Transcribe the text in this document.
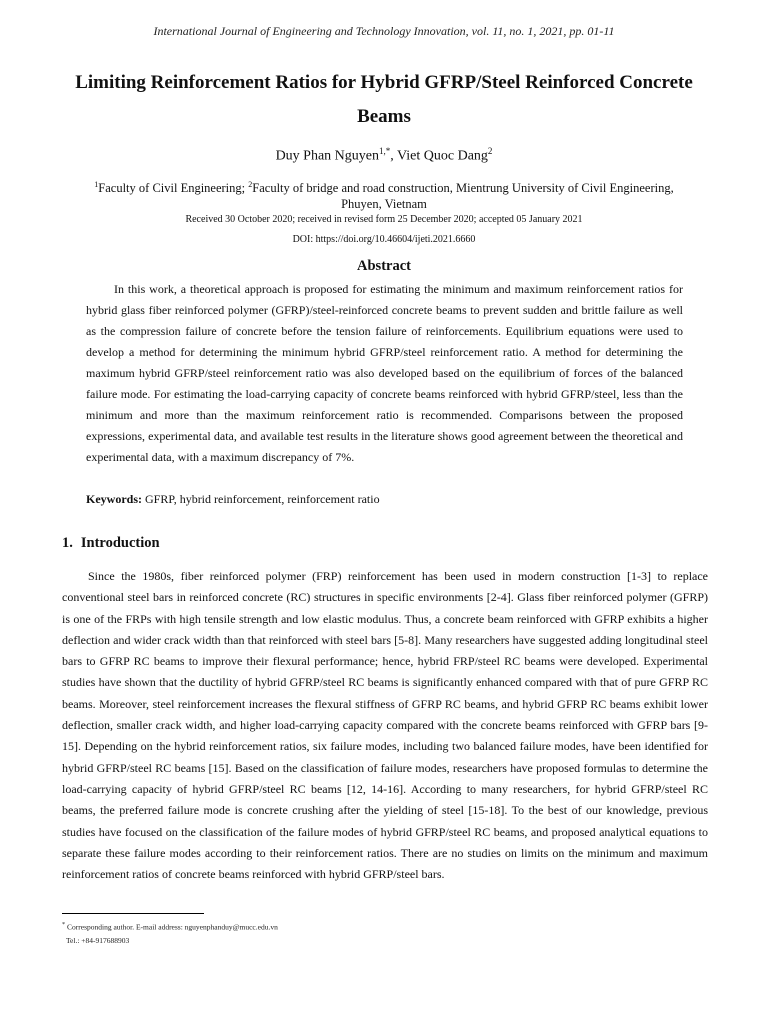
International Journal of Engineering and Technology Innovation, vol. 11, no. 1, 2021, pp. 01-11
Limiting Reinforcement Ratios for Hybrid GFRP/Steel Reinforced Concrete Beams
Duy Phan Nguyen$^{1,*}$, Viet Quoc Dang$^2$
$^1$Faculty of Civil Engineering; $^2$Faculty of bridge and road construction, Mientrung University of Civil Engineering, Phuyen, Vietnam
Received 30 October 2020; received in revised form 25 December 2020; accepted 05 January 2021
DOI: https://doi.org/10.46604/ijeti.2021.6660
Abstract

In this work, a theoretical approach is proposed for estimating the minimum and maximum reinforcement ratios for hybrid glass fiber reinforced polymer (GFRP)/steel-reinforced concrete beams to prevent sudden and brittle failure as well as the compression failure of concrete before the tension failure of reinforcements. Equilibrium equations were used to develop a method for determining the minimum hybrid GFRP/steel reinforcement ratio. A method for determining the maximum hybrid GFRP/steel reinforcement ratio was also developed based on the equilibrium of forces of the balanced failure mode. For estimating the load-carrying capacity of concrete beams reinforced with hybrid GFRP/steel, less than the minimum and more than the maximum reinforcement ratio is recommended. Comparisons between the proposed expressions, experimental data, and available test results in the literature shows good agreement between the theoretical and experimental data, with a maximum discrepancy of 7%.

Keywords: GFRP, hybrid reinforcement, reinforcement ratio
1. Introduction

Since the 1980s, fiber reinforced polymer (FRP) reinforcement has been used in modern construction [1-3] to replace conventional steel bars in reinforced concrete (RC) structures in specific environments [2-4]. Glass fiber reinforced polymer (GFRP) is one of the FRPs with high tensile strength and low elastic modulus. Thus, a concrete beam reinforced with GFRP exhibits a higher deflection and wider crack width than that reinforced with steel bars [5-8]. Many researchers have suggested adding longitudinal steel bars to GFRP RC beams to improve their flexural performance; hence, hybrid FRP/steel RC beams were developed. Experimental studies have shown that the ductility of hybrid GFRP/steel RC beams is significantly enhanced compared with that of pure GFRP RC beams. Moreover, steel reinforcement increases the flexural stiffness of GFRP RC beams, and hybrid GFRP RC beams exhibit lower deflection, smaller crack width, and higher load-carrying capacity compared with the concrete beams reinforced with GFRP bars [9-15]. Depending on the hybrid reinforcement ratios, six failure modes, including two balanced failure modes, have been identified for hybrid GFRP/steel RC beams [15]. Based on the classification of failure modes, researchers have proposed formulas to determine the load-carrying capacity of hybrid GFRP/steel RC beams [12, 14-16]. According to many researchers, for hybrid GFRP/steel RC beams, the preferred failure mode is concrete crushing after the yielding of steel [15-18]. To the best of our knowledge, previous studies have focused on the classification of the failure modes of hybrid GFRP/steel RC beams, and proposed analytical equations to separate these failure modes according to their reinforcement ratios. There are no studies on limits on the minimum and maximum reinforcement ratios of concrete beams reinforced with hybrid GFRP/steel bars.

* Corresponding author. E-mail address: nguyenphanduy@mucc.edu.vn
Tel.: +84-917688903
